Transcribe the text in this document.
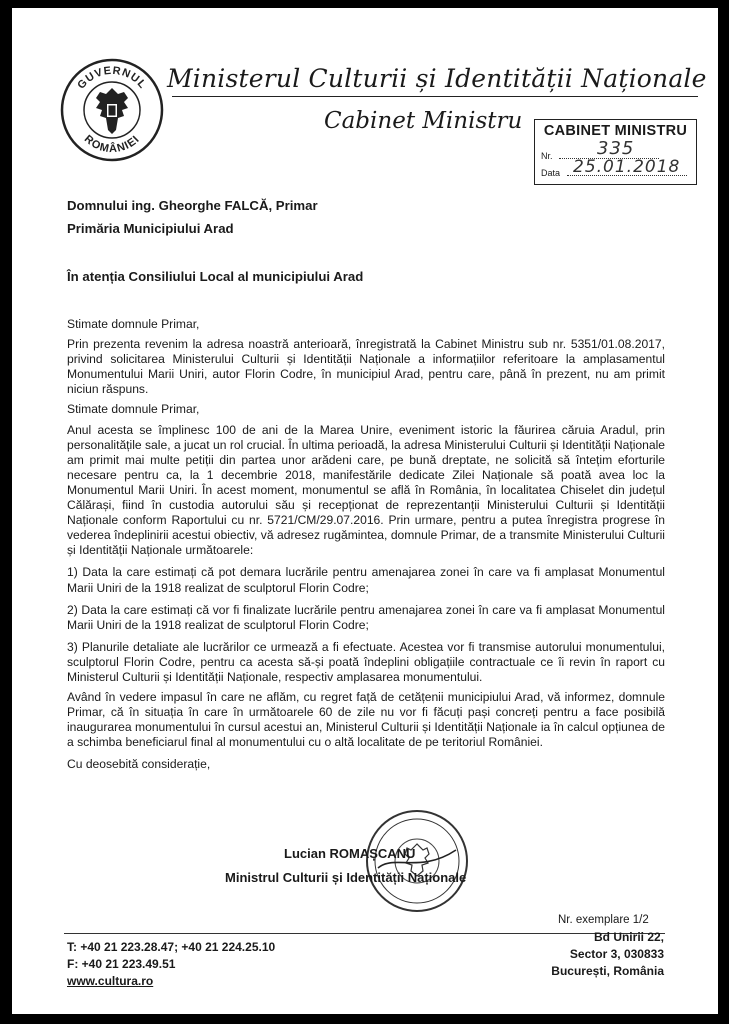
GUVERNUL
ROMÂNIEI
Ministerul Culturii și Identității Naționale
Cabinet Ministru	CABINET MINISTRU
Nr. 335
Data 25.01.2018
Domnului ing. Gheorghe FALCĂ, Primar
Primăria Municipiului Arad
În atenția Consiliului Local al municipiului Arad

Stimate domnule Primar,

Prin prezenta revenim la adresa noastră anterioară, înregistrată la Cabinet Ministru sub nr. 5351/01.08.2017, privind solicitarea Ministerului Culturii și Identității Naționale a informațiilor referitoare la amplasamentul Monumentului Marii Uniri, autor Florin Codre, în municipiul Arad, pentru care, până în prezent, nu am primit niciun răspuns.

Stimate domnule Primar,

Anul acesta se împlinesc 100 de ani de la Marea Unire, eveniment istoric la făurirea căruia Aradul, prin personalitățile sale, a jucat un rol crucial. În ultima perioadă, la adresa Ministerului Culturii și Identității Naționale am primit mai multe petiții din partea unor arădeni care, pe bună dreptate, ne solicită să întețim eforturile necesare pentru ca, la 1 decembrie 2018, manifestările dedicate Zilei Naționale să poată avea loc la Monumentul Marii Uniri. În acest moment, monumentul se află în România, în localitatea Chiselet din județul Călărași, fiind în custodia autorului său și recepționat de reprezentanții Ministerului Culturii și Identității Naționale conform Raportului cu nr. 5721/CM/29.07.2016. Prin urmare, pentru a putea înregistra progrese în vederea îndeplinirii acestui obiectiv, vă adresez rugămintea, domnule Primar, de a transmite Ministerului Culturii și Identității Naționale următoarele:

1) Data la care estimați că pot demara lucrările pentru amenajarea zonei în care va fi amplasat Monumentul Marii Uniri de la 1918 realizat de sculptorul Florin Codre;

2) Data la care estimați că vor fi finalizate lucrările pentru amenajarea zonei în care va fi amplasat Monumentul Marii Uniri de la 1918 realizat de sculptorul Florin Codre;

3) Planurile detaliate ale lucrărilor ce urmează a fi efectuate. Acestea vor fi transmise autorului monumentului, sculptorul Florin Codre, pentru ca acesta să-și poată îndeplini obligațiile contractuale ce îi revin în raport cu Ministerul Culturii și Identității Naționale, respectiv amplasarea monumentului.

Având în vedere impasul în care ne aflăm, cu regret față de cetățenii municipiului Arad, vă informez, domnule Primar, că în situația în care în următoarele 60 de zile nu vor fi făcuți pași concreți pentru a face posibilă inaugurarea monumentului în cursul acestui an, Ministerul Culturii și Identității Naționale ia în calcul opțiunea de a schimba beneficiarul final al monumentului cu o altă localitate de pe teritoriul României.

Cu deosebită considerație,

Lucian ROMAȘCANU
Ministrul Culturii și Identității Naționale
Nr. exemplare 1/2
T: +40 21 223.28.47; +40 21 224.25.10
F: +40 21 223.49.51
www.cultura.ro
Bd Unirii 22,
Sector 3, 030833
București, România
